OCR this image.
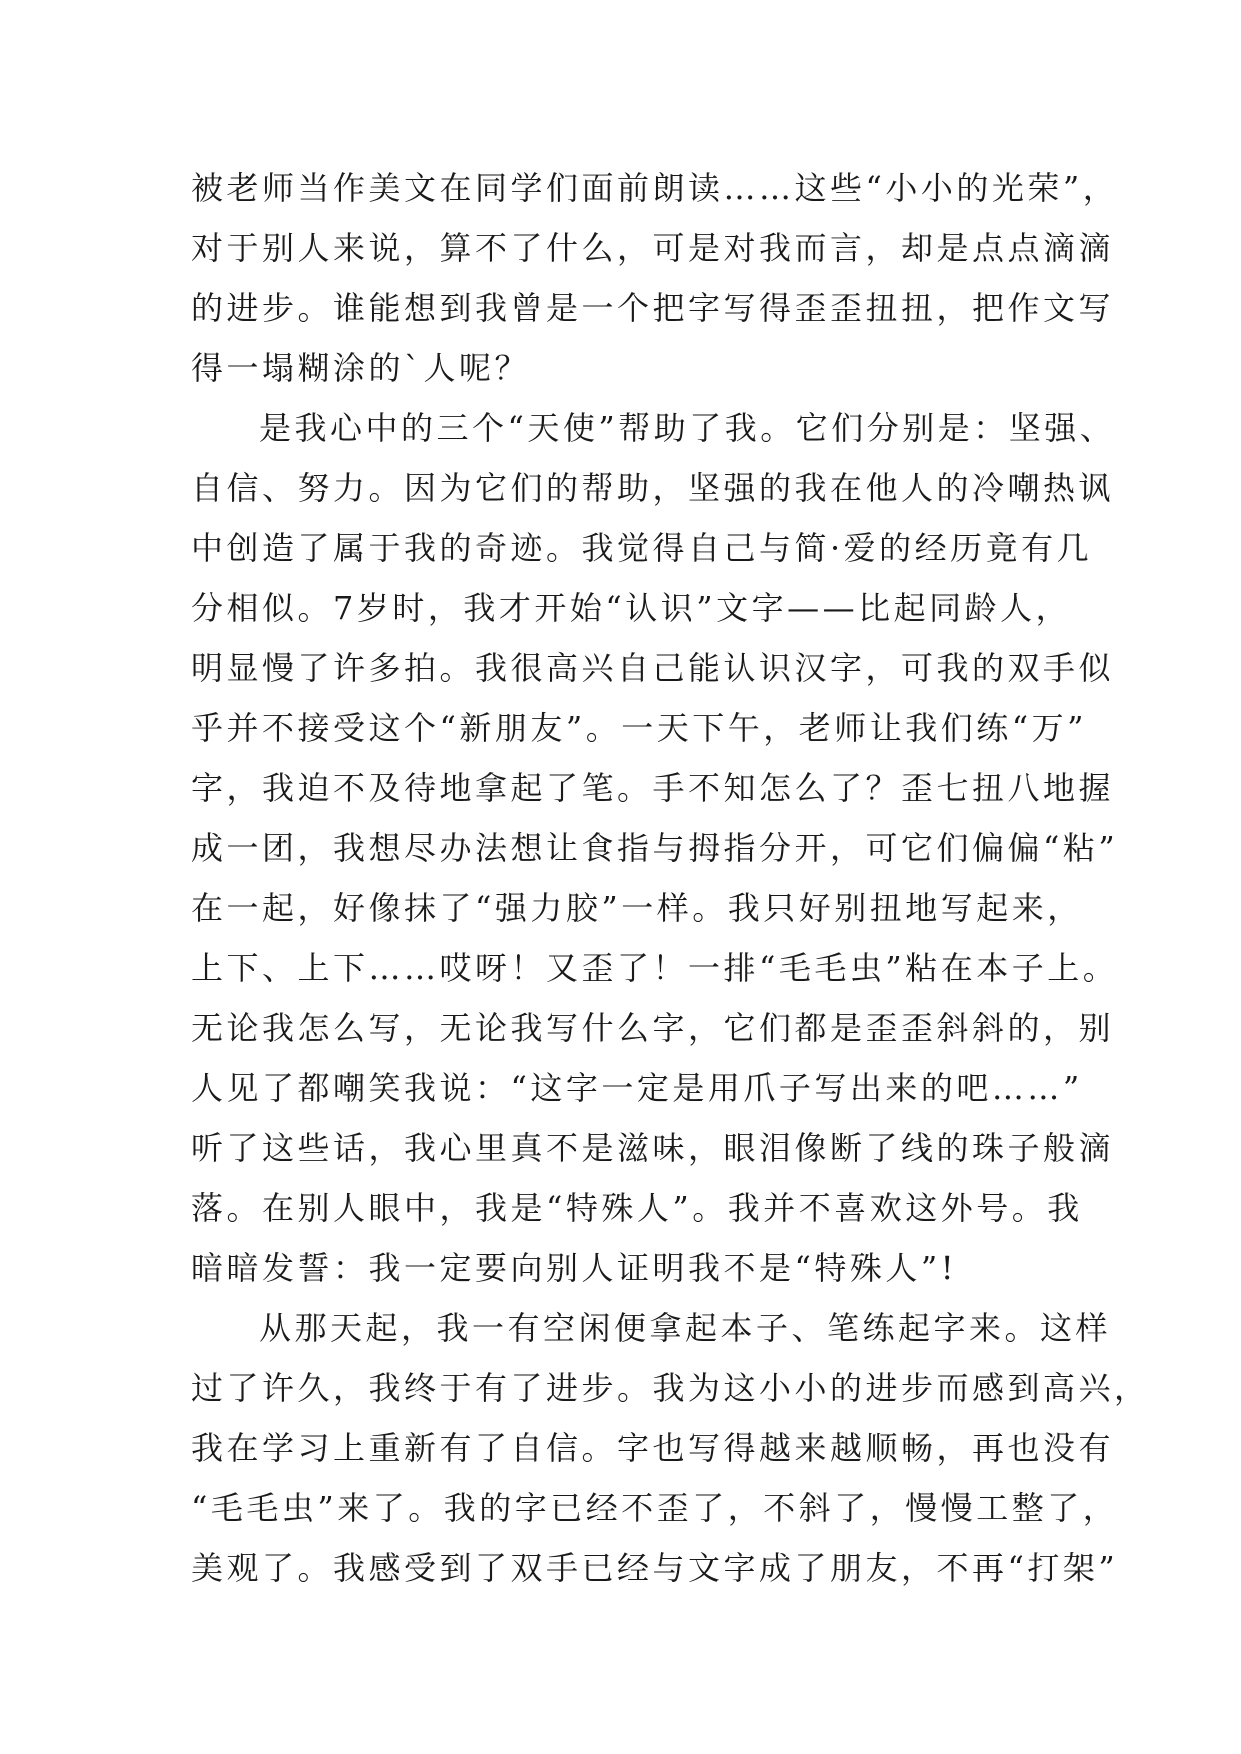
被老师当作美文在同学们面前朗读……这些“小小的光荣”，
对于别人来说，算不了什么，可是对我而言，却是点点滴滴
的进步。谁能想到我曾是一个把字写得歪歪扭扭，把作文写
得一塌糊涂的`人呢？
是我心中的三个“天使”帮助了我。它们分别是：坚强、
自信、努力。因为它们的帮助，坚强的我在他人的冷嘲热讽
中创造了属于我的奇迹。我觉得自己与简·爱的经历竟有几
分相似。7岁时，我才开始“认识”文字——比起同龄人，
明显慢了许多拍。我很高兴自己能认识汉字，可我的双手似
乎并不接受这个“新朋友”。一天下午，老师让我们练“万”
字，我迫不及待地拿起了笔。手不知怎么了？歪七扭八地握
成一团，我想尽办法想让食指与拇指分开，可它们偏偏“粘”
在一起，好像抹了“强力胶”一样。我只好别扭地写起来，
上下、上下……哎呀！又歪了！一排“毛毛虫”粘在本子上。
无论我怎么写，无论我写什么字，它们都是歪歪斜斜的，别
人见了都嘲笑我说：“这字一定是用爪子写出来的吧……”
听了这些话，我心里真不是滋味，眼泪像断了线的珠子般滴
落。在别人眼中，我是“特殊人”。我并不喜欢这外号。我
暗暗发誓：我一定要向别人证明我不是“特殊人”!
从那天起，我一有空闲便拿起本子、笔练起字来。这样
过了许久，我终于有了进步。我为这小小的进步而感到高兴，
我在学习上重新有了自信。字也写得越来越顺畅，再也没有
“毛毛虫”来了。我的字已经不歪了，不斜了，慢慢工整了，
美观了。我感受到了双手已经与文字成了朋友，不再“打架”
